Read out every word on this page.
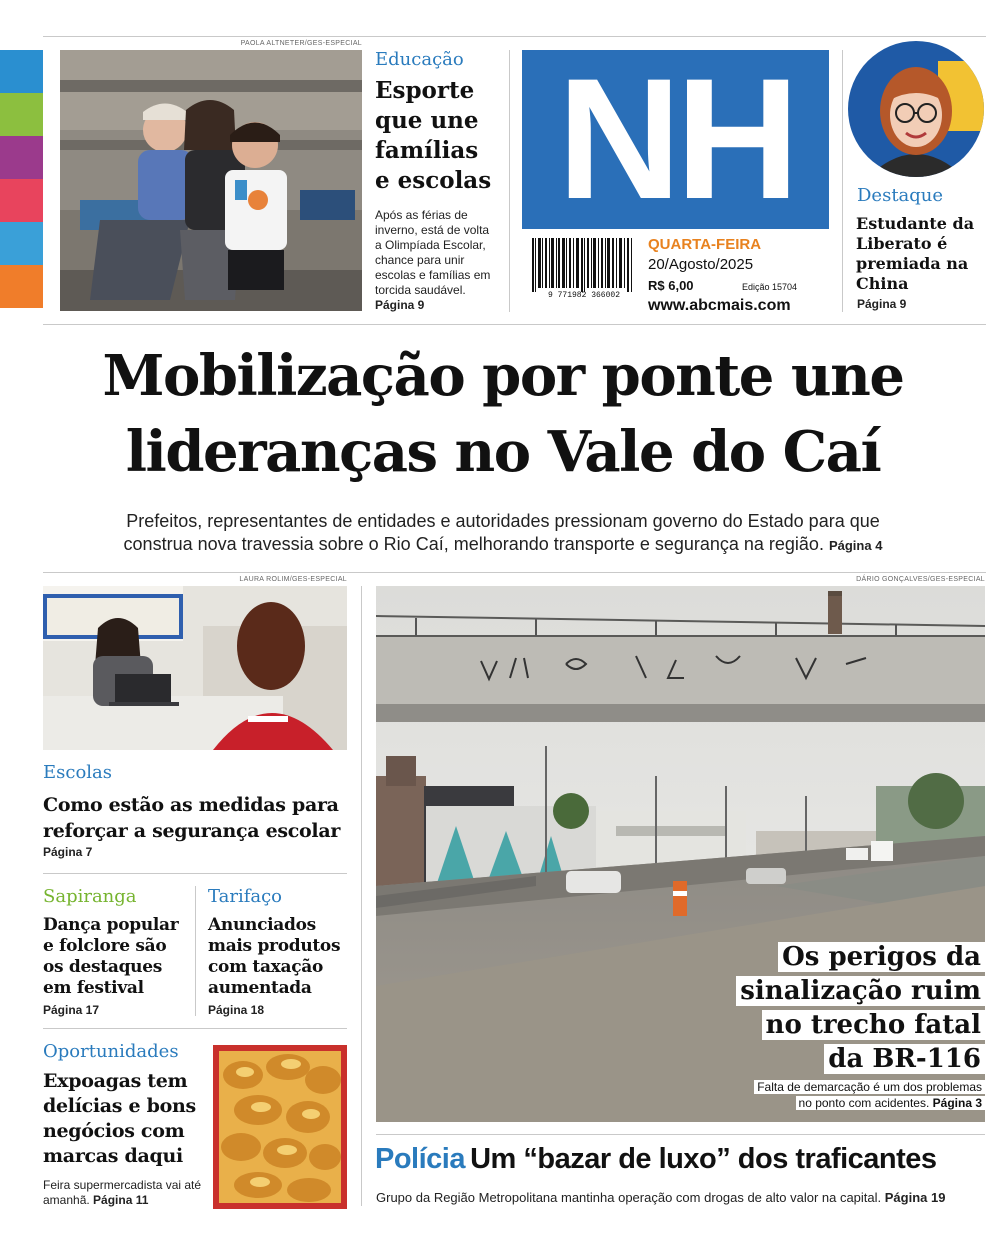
PAOLA ALTNETER/GES-ESPECIAL
Educação
Esporte que une famílias e escolas
Após as férias de inverno, está de volta a Olimpíada Escolar, chance para unir escolas e famílias em torcida saudável. Página 9
NH
9 771982 366002
QUARTA-FEIRA
20/Agosto/2025
R$ 6,00	Edição 15704
www.abcmais.com
Destaque
Estudante da Liberato é premiada na China
Página 9
Mobilização por ponte une
lideranças no Vale do Caí
Prefeitos, representantes de entidades e autoridades pressionam governo do Estado para que
construa nova travessia sobre o Rio Caí, melhorando transporte e segurança na região. Página 4
LAURA ROLIM/GES-ESPECIAL
Escolas
Como estão as medidas para reforçar a segurança escolar
Página 7
Sapiranga
Dança popular e folclore são os destaques em festival
Página 17
Tarifaço
Anunciados mais produtos com taxação aumentada
Página 18
Oportunidades
Expoagas tem delícias e bons negócios com marcas daqui
Feira supermercadista vai até amanhã. Página 11
DÁRIO GONÇALVES/GES-ESPECIAL
Os perigos da
sinalização ruim
no trecho fatal
da BR-116
Falta de demarcação é um dos problemas
no ponto com acidentes. Página 3
Polícia Um “bazar de luxo” dos traficantes
Grupo da Região Metropolitana mantinha operação com drogas de alto valor na capital. Página 19
